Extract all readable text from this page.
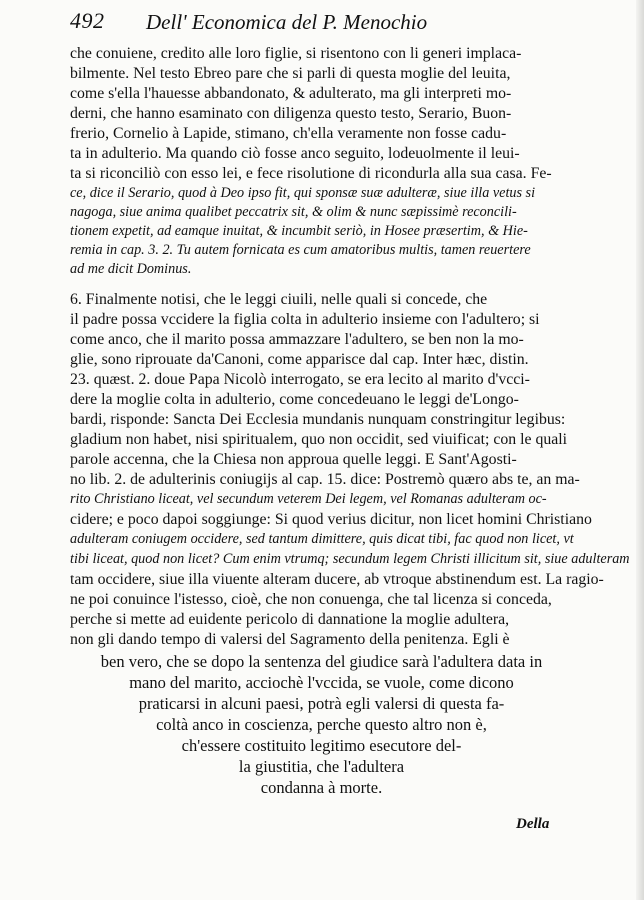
492 Dell' Economica del P. Menochio
che conuiene, credito alle loro figlie, si risentono con li generi implaca-
bilmente. Nel testo Ebreo pare che si parli di questa moglie del leuita,
come s'ella l'hauesse abbandonato, & adulterato, ma gli interpreti mo-
derni, che hanno esaminato con diligenza questo testo, Serario, Buon-
frerio, Cornelio à Lapide, stimano, ch'ella veramente non fosse cadu-
ta in adulterio. Ma quando ciò fosse anco seguito, lodeuolmente il leui-
ta si riconciliò con esso lei, e fece risolutione di ricondurla alla sua casa. Fe-
ce, dice il Serario, quod à Deo ipso fit, qui sponsæ suæ adulteræ, siue illa vetus si
nagoga, siue anima qualibet peccatrix sit, & olim & nunc sæpissimè reconcili-
tionem expetit, ad eamque inuitat, & incumbit seriò, in Hosee præsertim, & Hie-
remia in cap. 3. 2. Tu autem fornicata es cum amatoribus multis, tamen reuertere
ad me dicit Dominus.
6. Finalmente notisi, che le leggi ciuili, nelle quali si concede, che
il padre possa vccidere la figlia colta in adulterio insieme con l'adultero; si
come anco, che il marito possa ammazzare l'adultero, se ben non la mo-
glie, sono riprouate da'Canoni, come apparisce dal cap. Inter hæc, distin.
23. quæst. 2. doue Papa Nicolò interrogato, se era lecito al marito d'vcci-
dere la moglie colta in adulterio, come concedeuano le leggi de'Longo-
bardi, risponde: Sancta Dei Ecclesia mundanis nunquam constringitur legibus:
gladium non habet, nisi spiritualem, quo non occidit, sed viuificat; con le quali
parole accenna, che la Chiesa non approua quelle leggi. E Sant'Agosti-
no lib. 2. de adulterinis coniugijs al cap. 15. dice: Postremò quæro abs te, an ma-
rito Christiano liceat, vel secundum veterem Dei legem, vel Romanas adulteram oc-
cidere; e poco dapoi soggiunge: Si quod verius dicitur, non licet homini Christiano
adulteram coniugem occidere, sed tantum dimittere, quis dicat tibi, fac quod non licet, vt
tibi liceat, quod non licet? Cum enim vtrumq; secundum legem Christi illicitum sit, siue adulteram
tam occidere, siue illa viuente alteram ducere, ab vtroque abstinendum est. La ragio-
ne poi conuince l'istesso, cioè, che non conuenga, che tal licenza si conceda,
perche si mette ad euidente pericolo di dannatione la moglie adultera,
non gli dando tempo di valersi del Sagramento della penitenza. Egli è
ben vero, che se dopo la sentenza del giudice sarà l'adultera data in
mano del marito, acciochè l'vccida, se vuole, come dicono
praticarsi in alcuni paesi, potrà egli valersi di questa fa-
coltà anco in coscienza, perche questo altro non è,
ch'essere costituito legitimo esecutore del-
la giustitia, che l'adultera
condanna à morte.
Della
